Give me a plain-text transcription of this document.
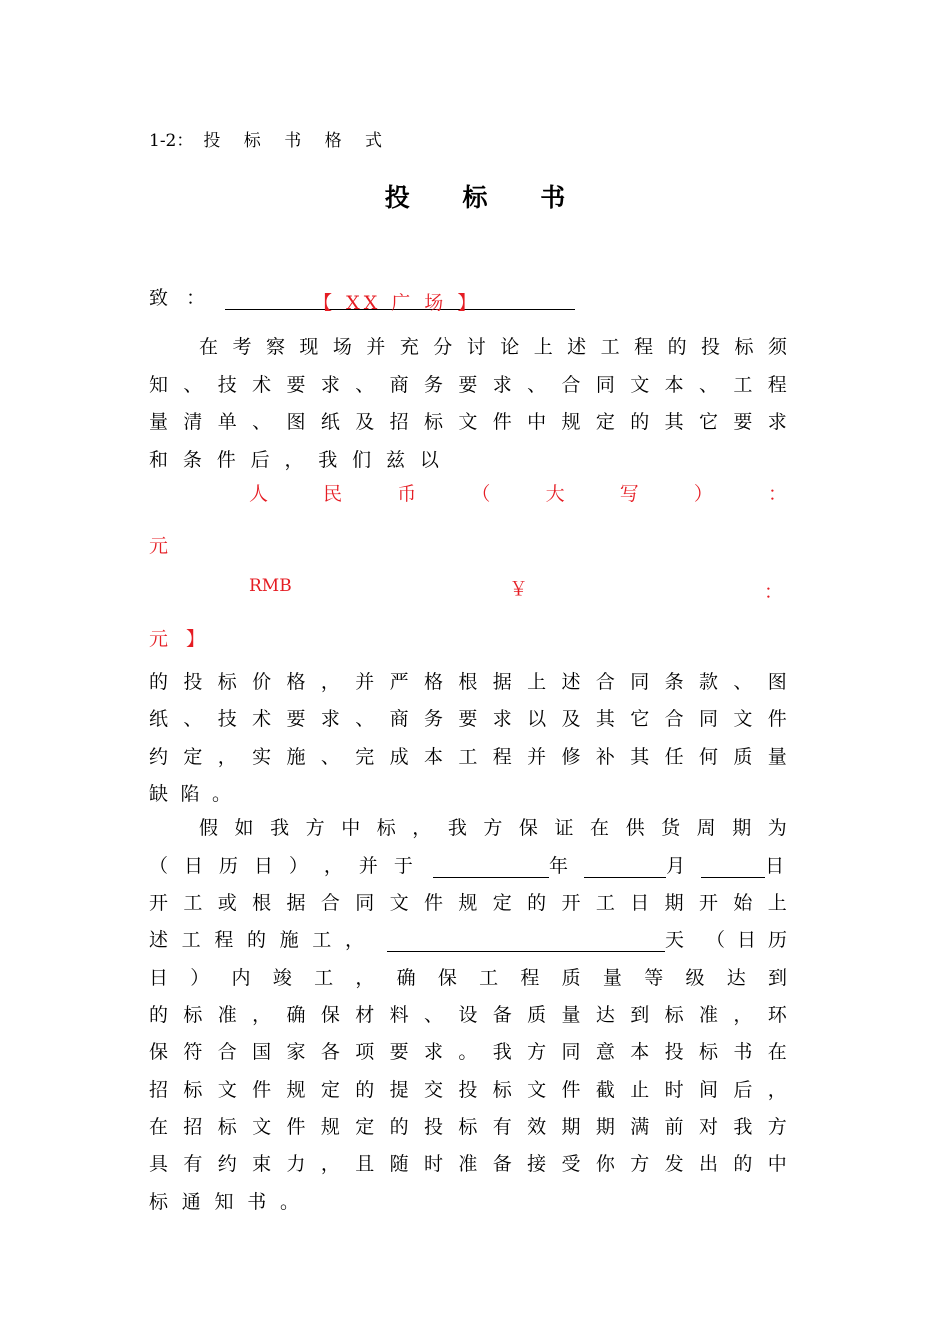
1-2： 投 标 书 格 式
投 标 书
致 ：	【 XX 广 场 】
在 考 察 现 场 并 充 分 讨 论 上 述 工 程 的 投 标 须
知 、 技 术 要 求 、 商 务 要 求 、 合 同 文 本 、 工 程
量 清 单 、 图 纸 及 招 标 文 件 中 规 定 的 其 它 要 求
和 条 件 后 ， 我 们 兹 以
人	民	币	（	大	写	）	：
元
RMB	￥	：
元 】
的 投 标 价 格 ， 并 严 格 根 据 上 述 合 同 条 款 、 图
纸 、 技 术 要 求 、 商 务 要 求 以 及 其 它 合 同 文 件
约 定 ， 实 施 、 完 成 本 工 程 并 修 补 其 任 何 质 量
缺 陷 。
假 如 我 方 中 标 ， 我 方 保 证 在 供 货 周 期 为
（ 日 历 日 ） ， 并 于	年	月	日
开 工 或 根 据 合 同 文 件 规 定 的 开 工 日 期 开 始 上
述 工 程 的 施 工 ，	天 （ 日 历
日 ） 内 竣 工 ， 确 保 工 程 质 量 等 级 达 到
的 标 准 ， 确 保 材 料 、 设 备 质 量 达 到 标 准 ， 环
保 符 合 国 家 各 项 要 求 。 我 方 同 意 本 投 标 书 在
招 标 文 件 规 定 的 提 交 投 标 文 件 截 止 时 间 后 ，
在 招 标 文 件 规 定 的 投 标 有 效 期 期 满 前 对 我 方
具 有 约 束 力 ， 且 随 时 准 备 接 受 你 方 发 出 的 中
标 通 知 书 。
